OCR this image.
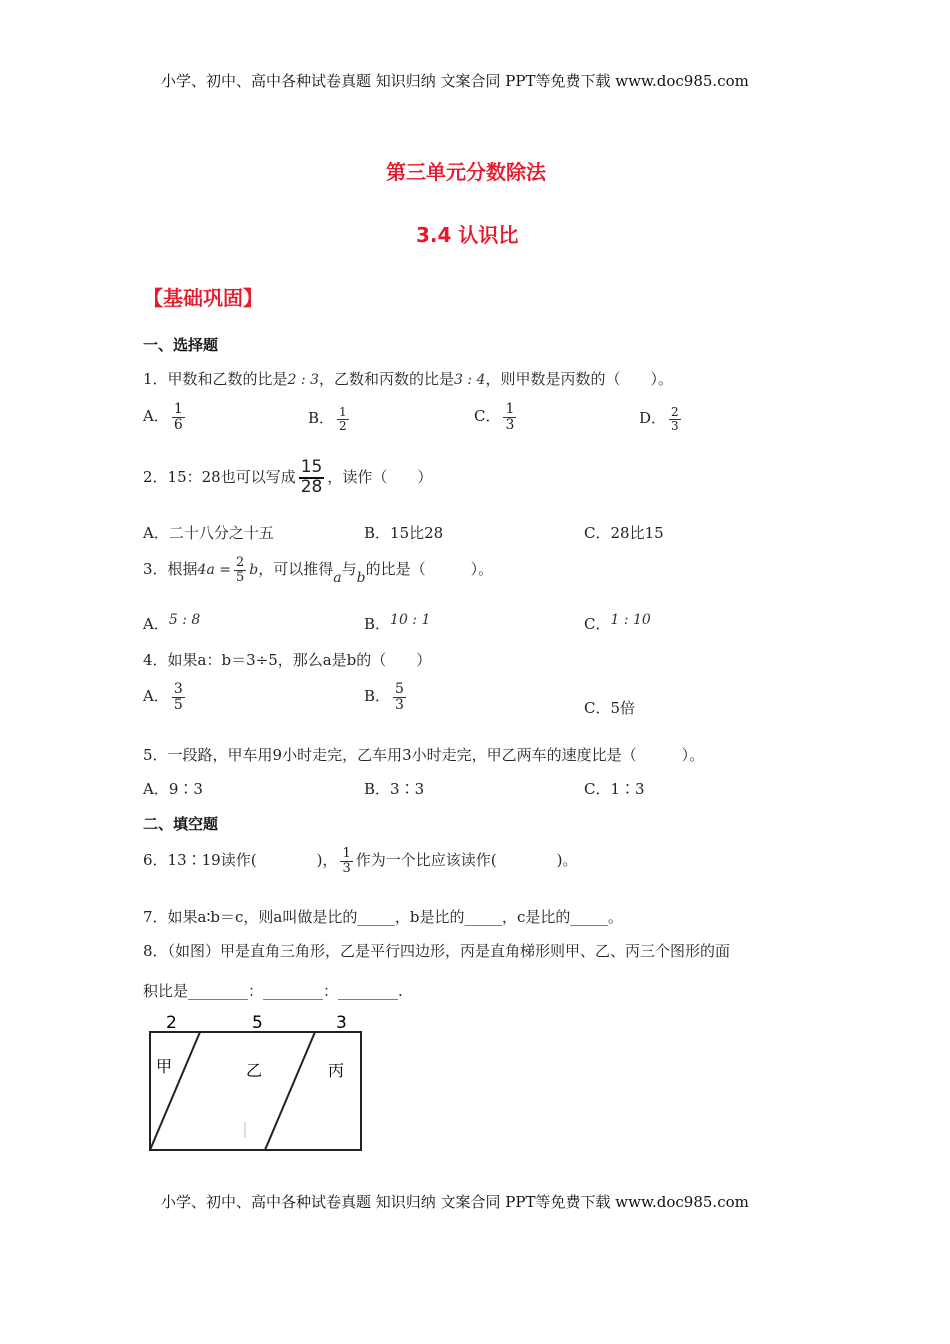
小学、初中、高中各种试卷真题 知识归纳 文案合同 PPT等免费下载 www.doc985.com
第三单元分数除法
3.4 认识比
【基础巩固】
一、选择题
1．甲数和乙数的比是2 : 3，乙数和丙数的比是3 : 4，则甲数是丙数的（　　）。
A． $\frac{1}{6}$	B． $\frac{1}{2}$	C． $\frac{1}{3}$	D． $\frac{2}{3}$
2．15：28也可以写成 $\frac{15}{28}$ ，读作（　　）
A．二十八分之十五	B．15比28	C．28比15
3．根据$4a = \frac{2}{5}$ b，可以推得a与b的比是（　　　）。
A．5 : 8	B．10 : 1	C．1 : 10
4．如果a：b＝3÷5，那么a是b的（　　）
A． $\frac{3}{5}$	B． $\frac{5}{3}$	C．5倍
5．一段路，甲车用9小时走完，乙车用3小时走完，甲乙两车的速度比是（　　　）。
A．9∶3	B．3∶3	C．1∶3
二、填空题
6．13∶19读作(　　　　)， $\frac{1}{3}$ 作为一个比应该读作(　　　　)。
7．如果a∶b＝c，则a叫做是比的_____，b是比的_____，c是比的_____。
8．（如图）甲是直角三角形，乙是平行四边形，丙是直角梯形则甲、乙、丙三个图形的面
积比是________：________：________.
2	5	3
甲	乙	丙
小学、初中、高中各种试卷真题 知识归纳 文案合同 PPT等免费下载 www.doc985.com
